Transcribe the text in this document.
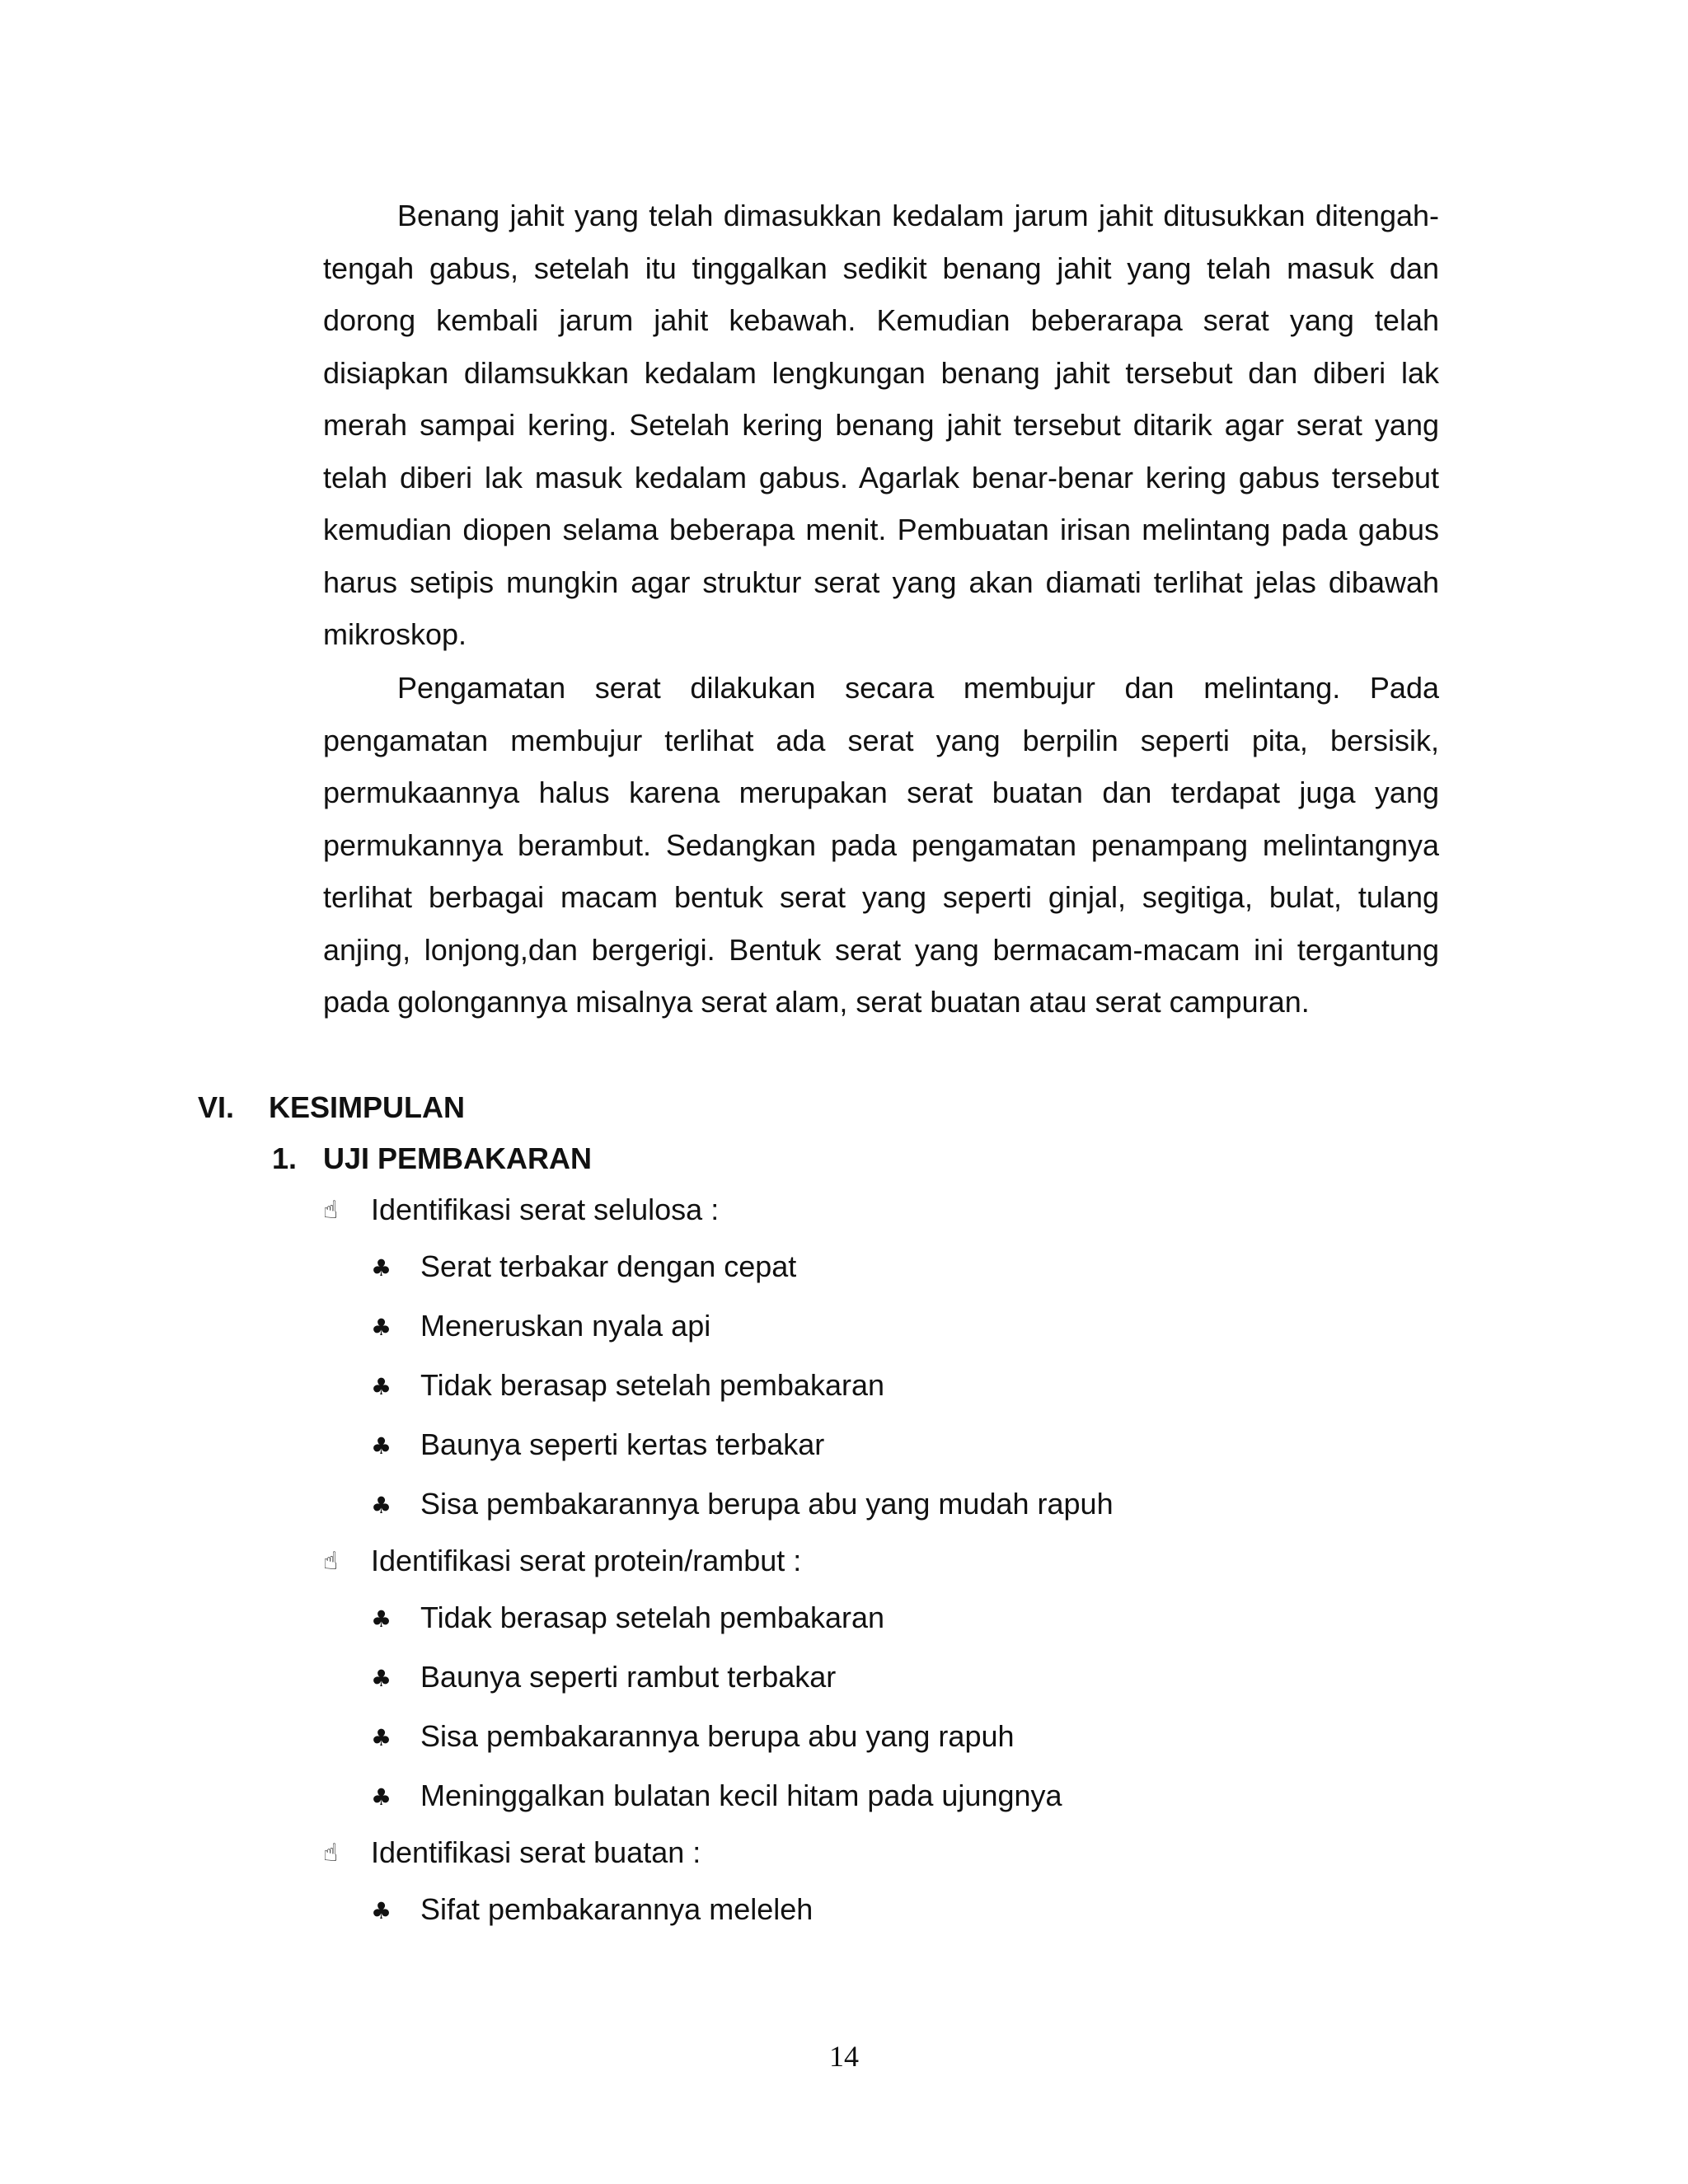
Benang jahit yang telah dimasukkan kedalam jarum jahit ditusukkan ditengah-tengah gabus, setelah itu tinggalkan sedikit benang jahit yang telah masuk dan dorong kembali jarum jahit kebawah. Kemudian beberarapa serat yang telah disiapkan dilamsukkan kedalam lengkungan benang jahit tersebut dan diberi lak merah sampai kering. Setelah kering benang jahit tersebut ditarik agar serat yang telah diberi lak masuk kedalam gabus. Agarlak benar-benar kering gabus tersebut kemudian diopen selama beberapa menit. Pembuatan irisan melintang pada gabus harus setipis mungkin agar struktur serat yang akan diamati terlihat jelas dibawah mikroskop.

Pengamatan serat dilakukan secara membujur dan melintang. Pada pengamatan membujur terlihat ada serat yang berpilin seperti pita, bersisik, permukaannya halus karena merupakan serat buatan dan terdapat juga yang permukannya berambut. Sedangkan pada pengamatan penampang melintangnya terlihat berbagai macam bentuk serat yang seperti ginjal, segitiga, bulat, tulang anjing, lonjong,dan bergerigi. Bentuk serat yang bermacam-macam ini tergantung pada golongannya misalnya serat alam, serat buatan atau serat campuran.

VI. KESIMPULAN
1. UJI PEMBAKARAN
☝ Identifikasi serat selulosa :
♣ Serat terbakar dengan cepat
♣ Meneruskan nyala api
♣ Tidak berasap setelah pembakaran
♣ Baunya seperti kertas terbakar
♣ Sisa pembakarannya berupa abu yang mudah rapuh
☝ Identifikasi serat protein/rambut :
♣ Tidak berasap setelah pembakaran
♣ Baunya seperti rambut terbakar
♣ Sisa pembakarannya berupa abu yang rapuh
♣ Meninggalkan bulatan kecil hitam pada ujungnya
☝ Identifikasi serat buatan :
♣ Sifat pembakarannya meleleh
14
